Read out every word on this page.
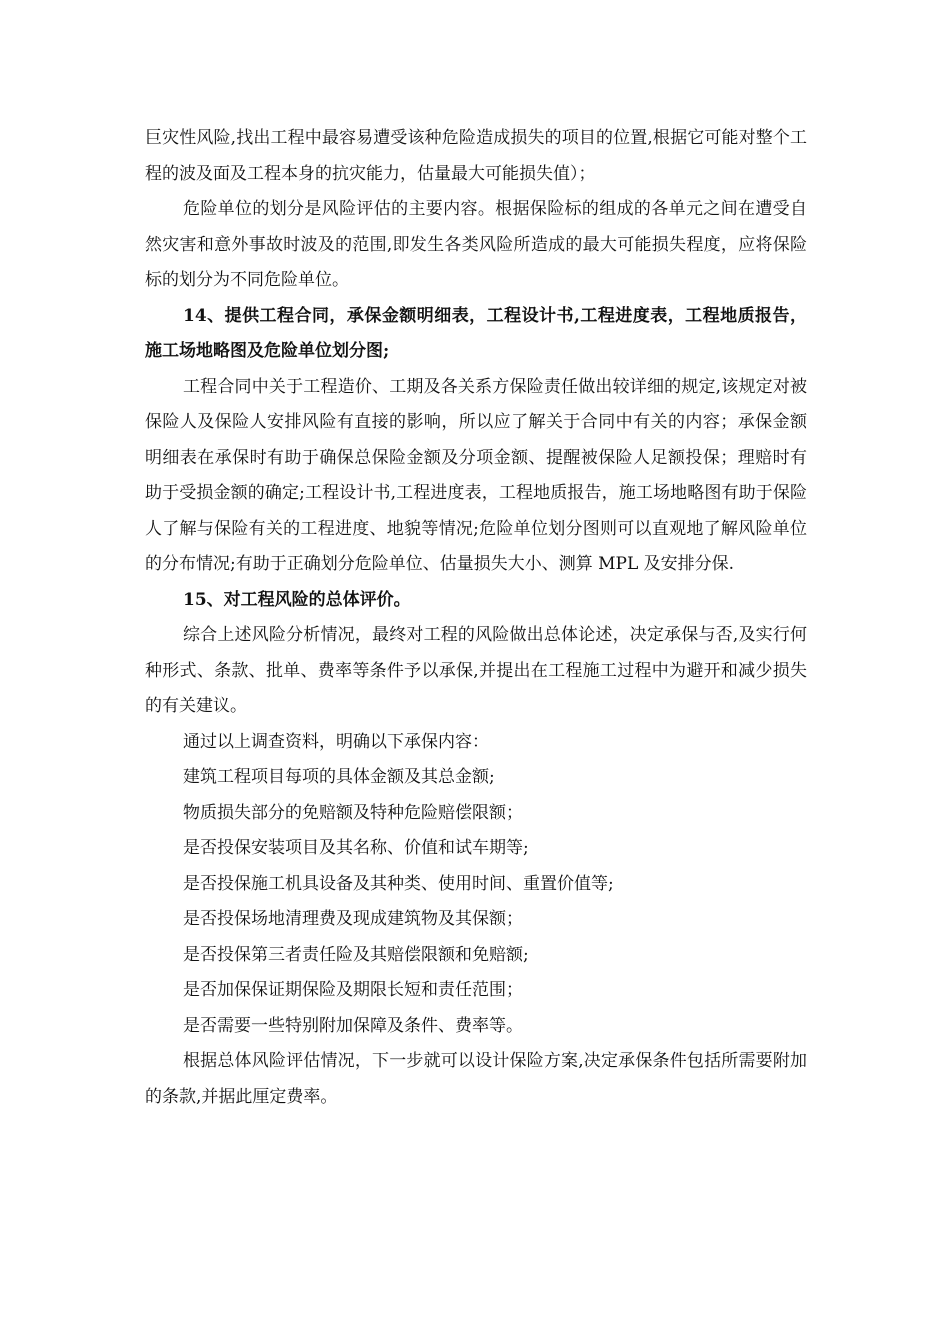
巨灾性风险,找出工程中最容易遭受该种危险造成损失的项目的位置,根据它可能对整个工程的波及面及工程本身的抗灾能力，估量最大可能损失值）；

危险单位的划分是风险评估的主要内容。根据保险标的组成的各单元之间在遭受自然灾害和意外事故时波及的范围,即发生各类风险所造成的最大可能损失程度，应将保险标的划分为不同危险单位。

14、提供工程合同，承保金额明细表，工程设计书,工程进度表，工程地质报告，施工场地略图及危险单位划分图;

工程合同中关于工程造价、工期及各关系方保险责任做出较详细的规定,该规定对被保险人及保险人安排风险有直接的影响，所以应了解关于合同中有关的内容；承保金额明细表在承保时有助于确保总保险金额及分项金额、提醒被保险人足额投保；理赔时有助于受损金额的确定;工程设计书,工程进度表，工程地质报告，施工场地略图有助于保险人了解与保险有关的工程进度、地貌等情况;危险单位划分图则可以直观地了解风险单位的分布情况;有助于正确划分危险单位、估量损失大小、测算 MPL 及安排分保.

15、对工程风险的总体评价。

综合上述风险分析情况，最终对工程的风险做出总体论述，决定承保与否,及实行何种形式、条款、批单、费率等条件予以承保,并提出在工程施工过程中为避开和减少损失的有关建议。

通过以上调查资料，明确以下承保内容：

建筑工程项目每项的具体金额及其总金额;

物质损失部分的免赔额及特种危险赔偿限额；

是否投保安装项目及其名称、价值和试车期等;

是否投保施工机具设备及其种类、使用时间、重置价值等;

是否投保场地清理费及现成建筑物及其保额；

是否投保第三者责任险及其赔偿限额和免赔额;

是否加保保证期保险及期限长短和责任范围；

是否需要一些特别附加保障及条件、费率等。

根据总体风险评估情况，下一步就可以设计保险方案,决定承保条件包括所需要附加的条款,并据此厘定费率。
